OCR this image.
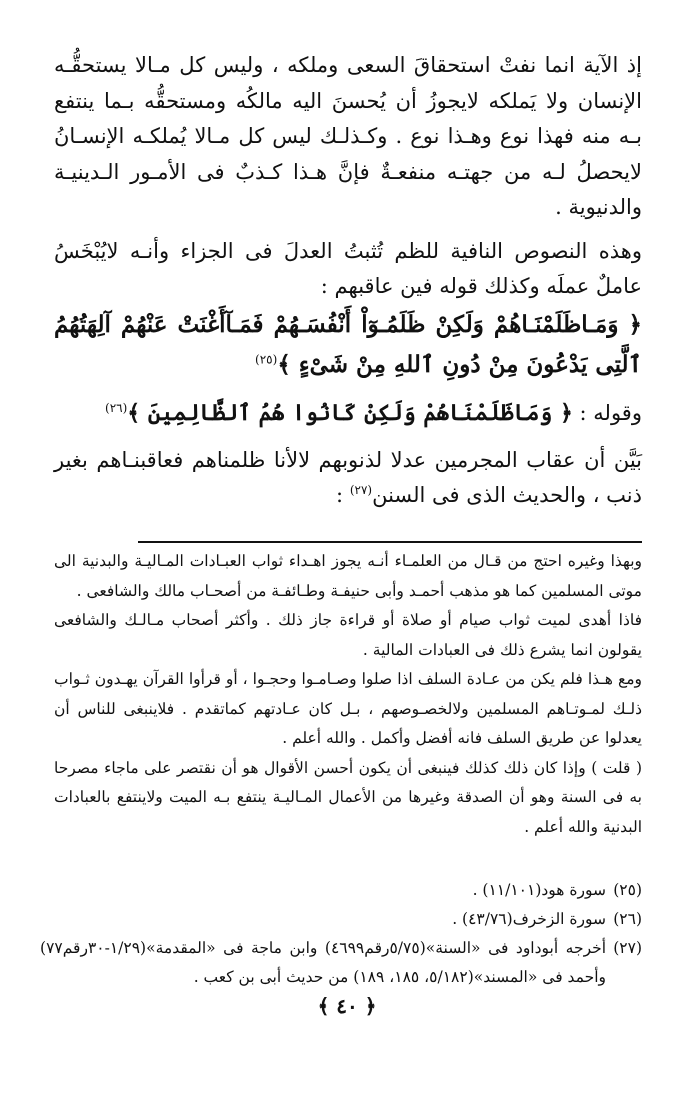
إذ الآية انما نفتْ استحقاقَ السعى وملكه ، وليس كل مـالا يستحقُّـه الإنسان ولا يَملكه لايجوزُ أن يُحسنَ اليه مالكُه ومستحقُّه بـما ينتفع بـه منه فهذا نوع وهـذا نوع . وكـذلـك ليس كل مـالا يُملكـه الإنسـانُ لايحصلُ لـه من جهتـه منفعـةٌ فإنَّ هـذا كـذبٌ فى الأمـور الـدينيـة والدنيوية .

وهذه النصوص النافية للظم تُثبتُ العدلَ فى الجزاء وأنـه لايُبْخَسُ عاملٌ عملَه وكذلك قوله فين عاقبهم :

﴿ وَمَـاظَلَمْنَـاهُمْ وَلَكِنْ ظَلَمُـوٓاْ أَنْفُسَـهُمْ فَمَـآأَغْنَتْ عَنْهُمْ آلِهَتُهُمُ ٱلَّتِى يَدْعُونَ مِنْ دُونِ ٱللهِ مِنْ شَىْءٍ ﴾$^{(٢٥)}$

وقوله : ﴿ وَمَاظَلَمْنَاهُمْ وَلَكِنْ كَانُوا هُمُ ٱلظَّالِمِينَ ﴾$^{(٢٦)}$

بَيَّن أن عقاب المجرمين عدلا لذنوبهم لالأنا ظلمناهم فعاقبنـاهم بغير ذنب ، والحديث الذى فى السنن$^{(٢٧)}$ :

وبهذا وغيره احتج من قـال من العلمـاء أنـه يجوز اهـداء ثواب العبـادات المـاليـة والبدنية الى موتى المسلمين كما هو مذهب أحمـد وأبى حنيفـة وطـائفـة من أصحـاب مالك والشافعى .

فاذا أهدى لميت ثواب صيام أو صلاة أو قراءة جاز ذلك . وأكثر أصحاب مـالـك والشافعى يقولون انما يشرع ذلك فى العبادات المالية .

ومع هـذا فلم يكن من عـادة السلف اذا صلوا وصـامـوا وحجـوا ، أو قرأوا القرآن يهـدون ثـواب ذلـك لمـوتـاهم المسلمين ولالخصـوصهم ، بـل كان عـادتهم كماتقدم . فلاينبغى للناس أن يعدلوا عن طريق السلف فانه أفضل وأكمل . والله أعلم .

( قلت ) وإذا كان ذلك كذلك فينبغى أن يكون أحسن الأقوال هو أن نقتصر على ماجاء مصرحا به فى السنة وهو أن الصدقة وغيرها من الأعمال المـاليـة ينتفع بـه الميت ولاينتفع بالعبادات البدنية والله أعلم .

(٢٥)
سورة هود(١١/١٠١) .
(٢٦)
سورة الزخرف(٤٣/٧٦) .
(٢٧)
أخرجه أبوداود فى «السنة»(٥/٧٥رقم٤٦٩٩) وابن ماجة فى «المقدمة»(١/٢٩-٣٠رقم٧٧) وأحمد فى «المسند»(٥/١٨٢، ١٨٥، ١٨٩) من حديث أبى بن كعب .
﴿ ٤٠ ﴾
